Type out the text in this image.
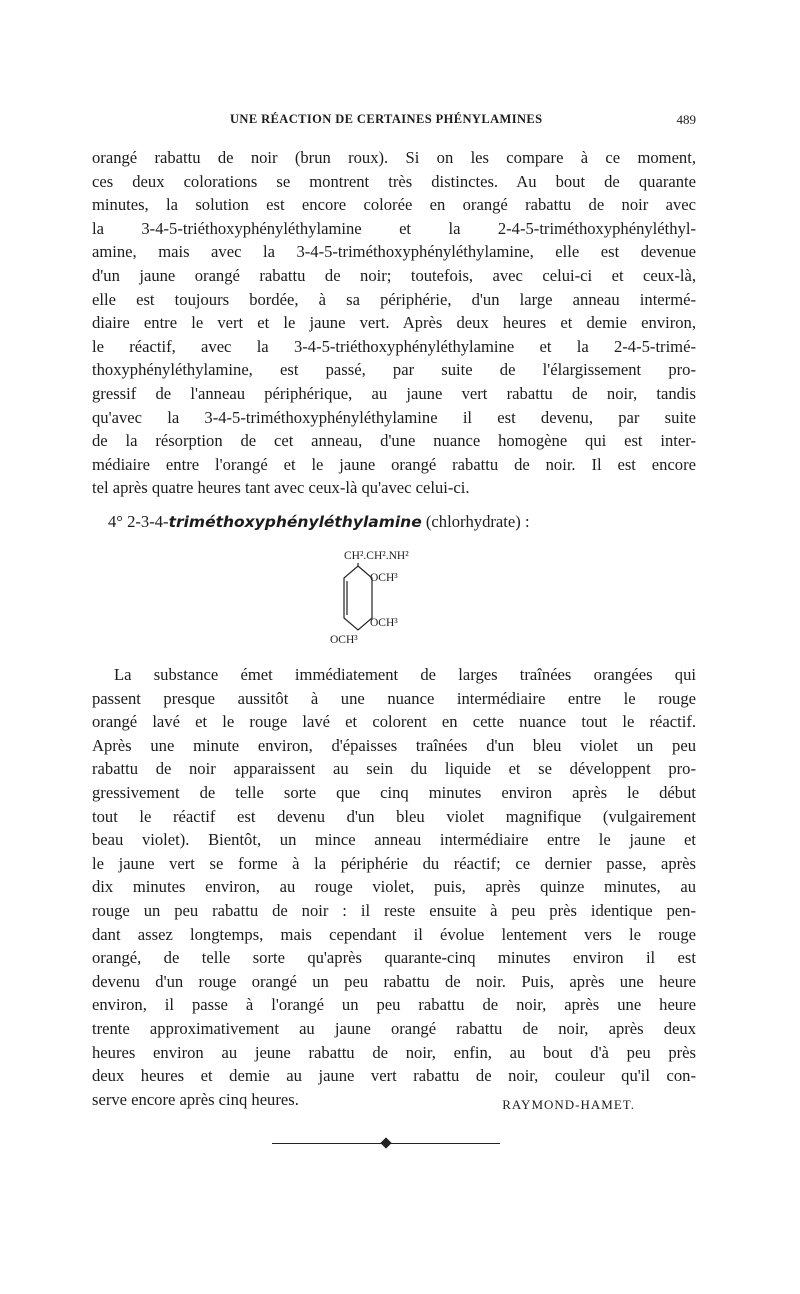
UNE RÉACTION DE CERTAINES PHÉNYLAMINES	489
orangé rabattu de noir (brun roux). Si on les compare à ce moment,
ces deux colorations se montrent très distinctes. Au bout de quarante
minutes, la solution est encore colorée en orangé rabattu de noir avec
la 3-4-5-triéthoxyphényléthylamine et la 2-4-5-triméthoxyphényléthyl-
amine, mais avec la 3-4-5-triméthoxyphényléthylamine, elle est devenue
d'un jaune orangé rabattu de noir; toutefois, avec celui-ci et ceux-là,
elle est toujours bordée, à sa périphérie, d'un large anneau intermé-
diaire entre le vert et le jaune vert. Après deux heures et demie environ,
le réactif, avec la 3-4-5-triéthoxyphényléthylamine et la 2-4-5-trimé-
thoxyphényléthylamine, est passé, par suite de l'élargissement pro-
gressif de l'anneau périphérique, au jaune vert rabattu de noir, tandis
qu'avec la 3-4-5-triméthoxyphényléthylamine il est devenu, par suite
de la résorption de cet anneau, d'une nuance homogène qui est inter-
médiaire entre l'orangé et le jaune orangé rabattu de noir. Il est encore
tel après quatre heures tant avec ceux-là qu'avec celui-ci.
4° 2-3-4-triméthoxyphényléthylamine (chlorhydrate) :
CH².CH².NH²
OCH³
OCH³
OCH³
La substance émet immédiatement de larges traînées orangées qui
passent presque aussitôt à une nuance intermédiaire entre le rouge
orangé lavé et le rouge lavé et colorent en cette nuance tout le réactif.
Après une minute environ, d'épaisses traînées d'un bleu violet un peu
rabattu de noir apparaissent au sein du liquide et se développent pro-
gressivement de telle sorte que cinq minutes environ après le début
tout le réactif est devenu d'un bleu violet magnifique (vulgairement
beau violet). Bientôt, un mince anneau intermédiaire entre le jaune et
le jaune vert se forme à la périphérie du réactif; ce dernier passe, après
dix minutes environ, au rouge violet, puis, après quinze minutes, au
rouge un peu rabattu de noir : il reste ensuite à peu près identique pen-
dant assez longtemps, mais cependant il évolue lentement vers le rouge
orangé, de telle sorte qu'après quarante-cinq minutes environ il est
devenu d'un rouge orangé un peu rabattu de noir. Puis, après une heure
environ, il passe à l'orangé un peu rabattu de noir, après une heure
trente approximativement au jaune orangé rabattu de noir, après deux
heures environ au jeune rabattu de noir, enfin, au bout d'à peu près
deux heures et demie au jaune vert rabattu de noir, couleur qu'il con-
serve encore après cinq heures.	RAYMOND-HAMET.
